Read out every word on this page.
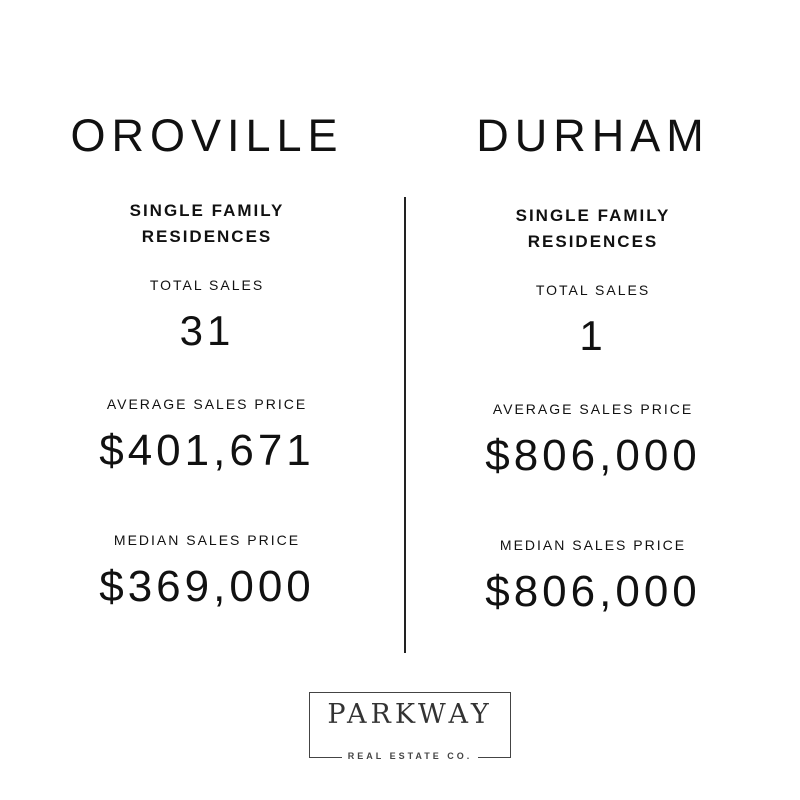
OROVILLE
SINGLE FAMILY
RESIDENCES
TOTAL SALES
31
AVERAGE SALES PRICE
$401,671
MEDIAN SALES PRICE
$369,000
DURHAM
SINGLE FAMILY
RESIDENCES
TOTAL SALES
1
AVERAGE SALES PRICE
$806,000
MEDIAN SALES PRICE
$806,000
PARKWAY
REAL ESTATE CO.
